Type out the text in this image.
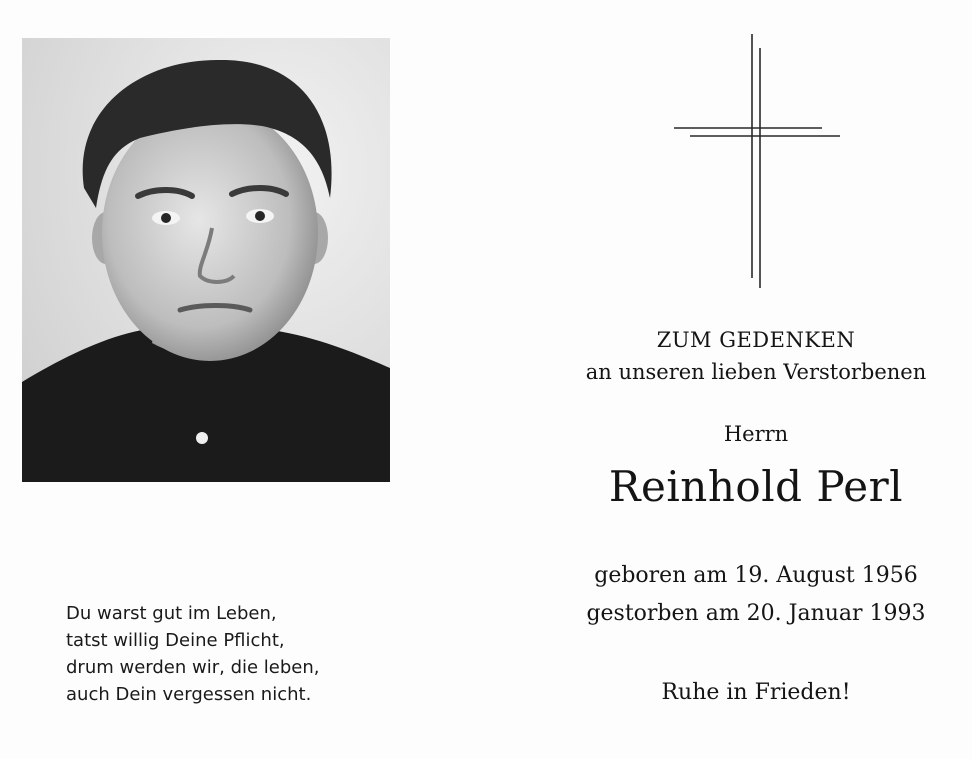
ZUM GEDENKEN
an unseren lieben Verstorbenen
Herrn
Reinhold Perl
geboren am 19. August 1956
gestorben am 20. Januar 1993
Ruhe in Frieden!
Du warst gut im Leben,
tatst willig Deine Pflicht,
drum werden wir, die leben,
auch Dein vergessen nicht.
